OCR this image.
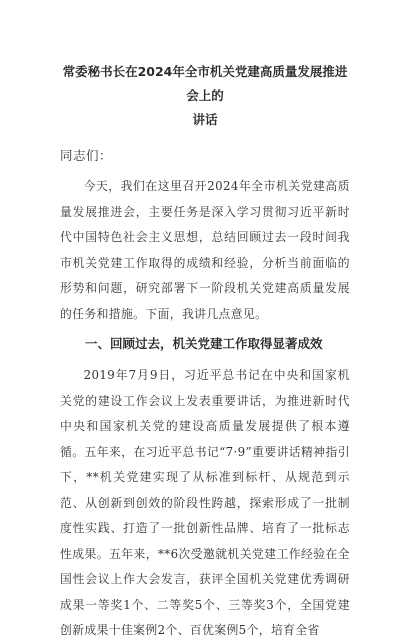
常委秘书长在2024年全市机关党建高质量发展推进会上的
讲话

同志们：

今天，我们在这里召开2024年全市机关党建高质量发展推进会，主要任务是深入学习贯彻习近平新时代中国特色社会主义思想，总结回顾过去一段时间我市机关党建工作取得的成绩和经验，分析当前面临的形势和问题，研究部署下一阶段机关党建高质量发展的任务和措施。下面，我讲几点意见。

一、回顾过去，机关党建工作取得显著成效

2019年7月9日，习近平总书记在中央和国家机关党的建设工作会议上发表重要讲话，为推进新时代中央和国家机关党的建设高质量发展提供了根本遵循。五年来，在习近平总书记“7·9”重要讲话精神指引下，**机关党建实现了从标准到标杆、从规范到示范、从创新到创效的阶段性跨越，探索形成了一批制度性实践、打造了一批创新性品牌、培育了一批标志性成果。五年来，**6次受邀就机关党建工作经验在全国性会议上作大会发言，获评全国机关党建优秀调研成果一等奖1个、二等奖5个、三等奖3个，全国党建创新成果十佳案例2个、百优案例5个，培育全省
